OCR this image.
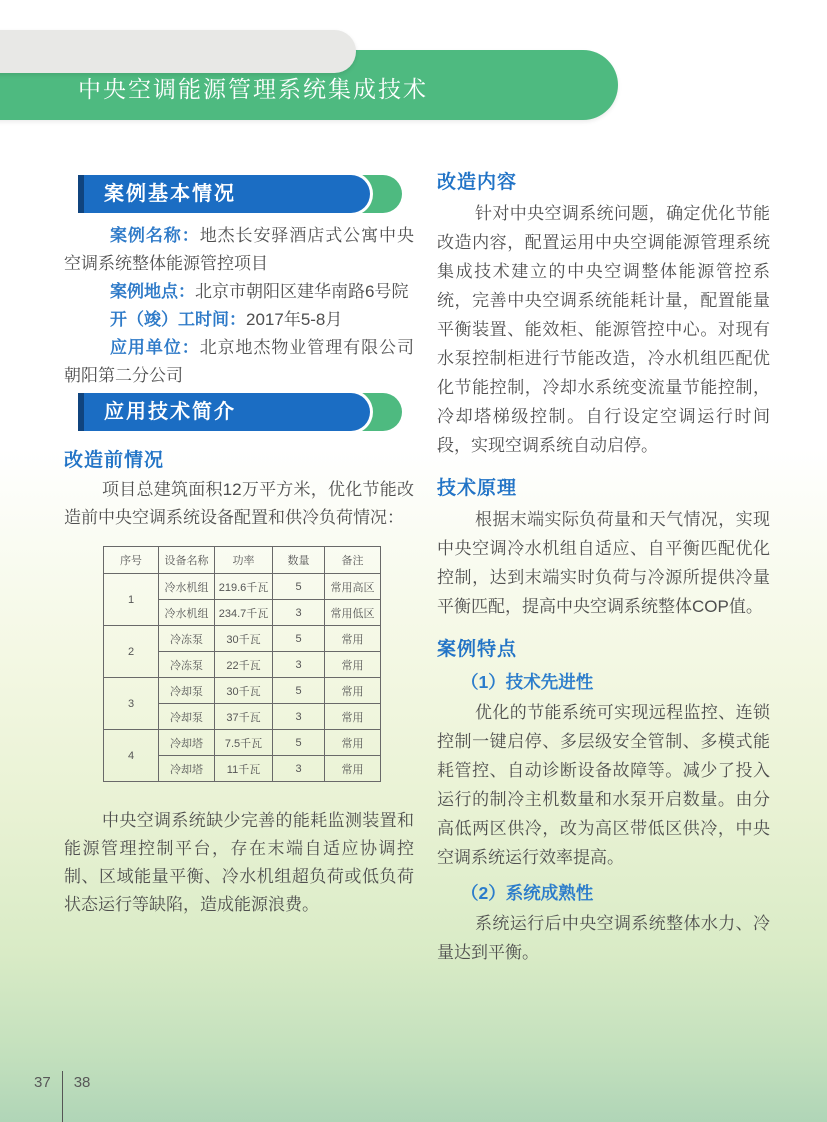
中央空调能源管理系统集成技术
案例基本情况

案例名称：地杰长安驿酒店式公寓中央空调系统整体能源管控项目

案例地点：北京市朝阳区建华南路6号院

开（竣）工时间：2017年5-8月

应用单位：北京地杰物业管理有限公司朝阳第二分公司

应用技术简介
改造前情况

项目总建筑面积12万平方米，优化节能改造前中央空调系统设备配置和供冷负荷情况：

序号	设备名称	功率	数量	备注
1	冷水机组	219.6千瓦	5	常用高区
	冷水机组	234.7千瓦	3	常用低区
2	冷冻泵	30千瓦	5	常用
	冷冻泵	22千瓦	3	常用
3	冷却泵	30千瓦	5	常用
	冷却泵	37千瓦	3	常用
4	冷却塔	7.5千瓦	5	常用
	冷却塔	11千瓦	3	常用

中央空调系统缺少完善的能耗监测装置和能源管理控制平台，存在末端自适应协调控制、区域能量平衡、冷水机组超负荷或低负荷状态运行等缺陷，造成能源浪费。

改造内容

针对中央空调系统问题，确定优化节能改造内容，配置运用中央空调能源管理系统集成技术建立的中央空调整体能源管控系统，完善中央空调系统能耗计量，配置能量平衡装置、能效柜、能源管控中心。对现有水泵控制柜进行节能改造，冷水机组匹配优化节能控制，冷却水系统变流量节能控制，冷却塔梯级控制。自行设定空调运行时间段，实现空调系统自动启停。

技术原理

根据末端实际负荷量和天气情况，实现中央空调冷水机组自适应、自平衡匹配优化控制，达到末端实时负荷与冷源所提供冷量平衡匹配，提高中央空调系统整体COP值。

案例特点
（1）技术先进性

优化的节能系统可实现远程监控、连锁控制一键启停、多层级安全管制、多模式能耗管控、自动诊断设备故障等。减少了投入运行的制冷主机数量和水泵开启数量。由分高低两区供冷，改为高区带低区供冷，中央空调系统运行效率提高。

（2）系统成熟性

系统运行后中央空调系统整体水力、冷量达到平衡。

37 38
